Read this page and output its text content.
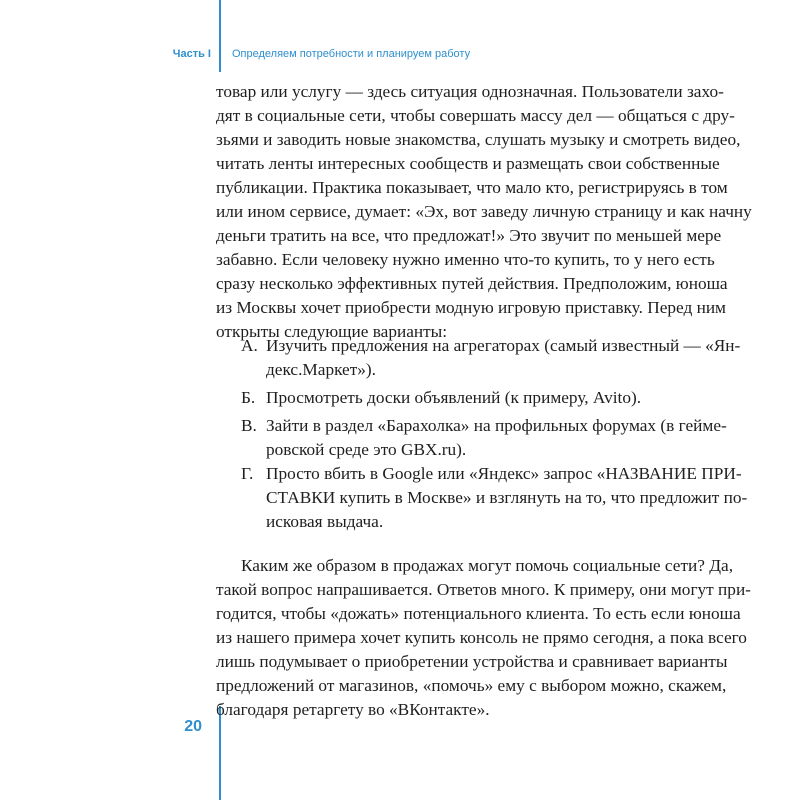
Часть I Определяем потребности и планируем работу
товар или услугу — здесь ситуация однозначная. Пользователи захо-
дят в социальные сети, чтобы совершать массу дел — общаться с дру-
зьями и заводить новые знакомства, слушать музыку и смотреть видео,
читать ленты интересных сообществ и размещать свои собственные
публикации. Практика показывает, что мало кто, регистрируясь в том
или ином сервисе, думает: «Эх, вот заведу личную страницу и как начну
деньги тратить на все, что предложат!» Это звучит по меньшей мере
забавно. Если человеку нужно именно что-то купить, то у него есть
сразу несколько эффективных путей действия. Предположим, юноша
из Москвы хочет приобрести модную игровую приставку. Перед ним
открыты следующие варианты:
А. Изучить предложения на агрегаторах (самый известный — «Ян-
декс.Маркет»).
Б. Просмотреть доски объявлений (к примеру, Avito).
В. Зайти в раздел «Барахолка» на профильных форумах (в геймe-
ровской среде это GBX.ru).
Г. Просто вбить в Google или «Яндекс» запрос «НАЗВАНИЕ ПРИ-
СТАВКИ купить в Москве» и взглянуть на то, что предложит по-
исковая выдача.
Каким же образом в продажах могут помочь социальные сети? Да,
такой вопрос напрашивается. Ответов много. К примеру, они могут при-
годится, чтобы «дожать» потенциального клиента. То есть если юноша
из нашего примера хочет купить консоль не прямо сегодня, а пока всего
лишь подумывает о приобретении устройства и сравнивает варианты
предложений от магазинов, «помочь» ему с выбором можно, скажем,
благодаря ретаргету во «ВКонтакте».
20
